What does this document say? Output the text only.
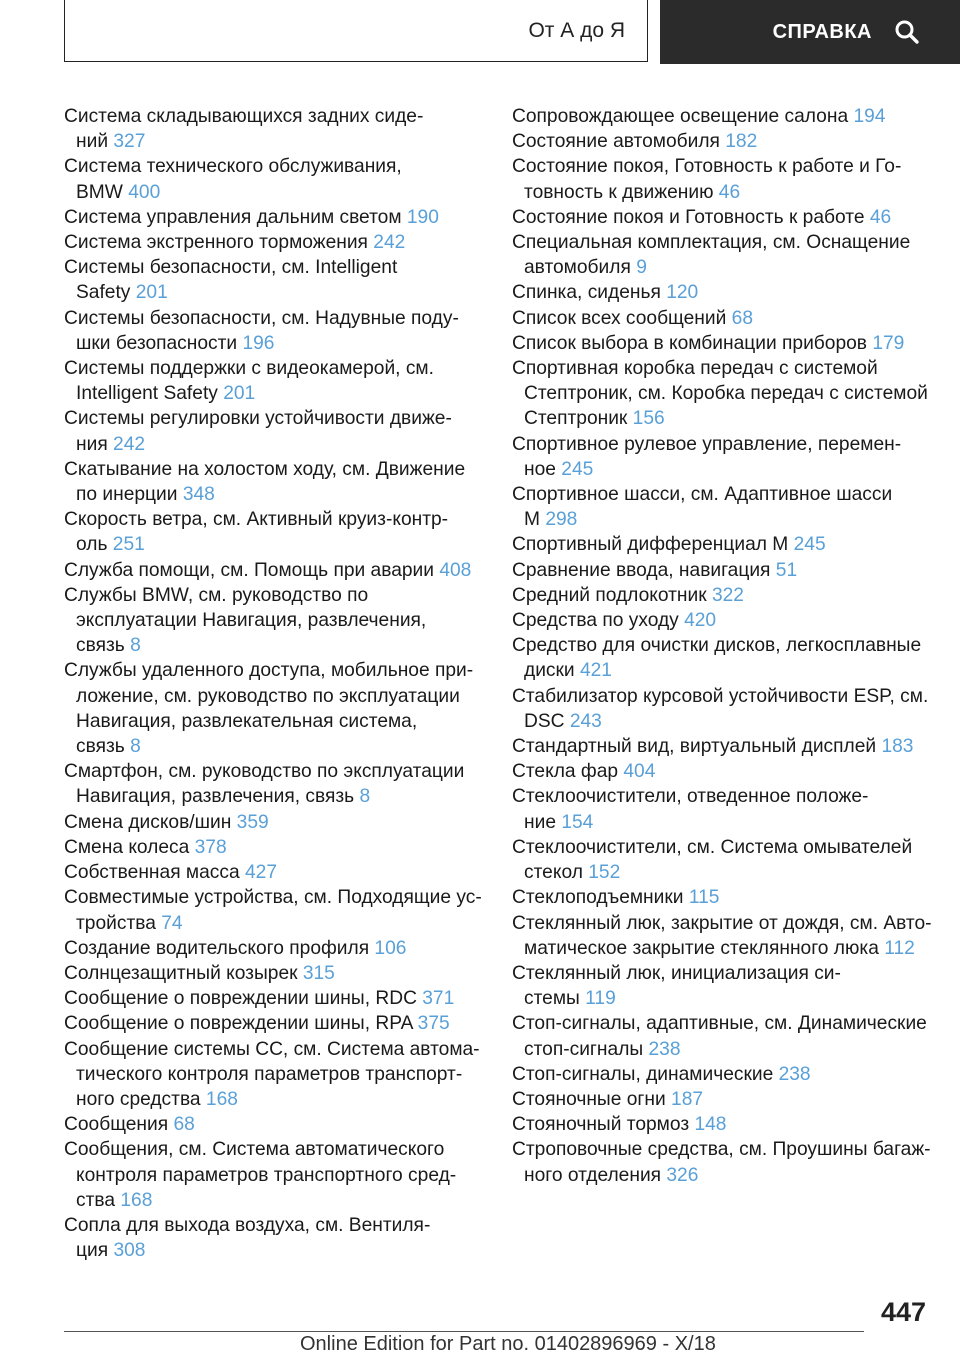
От А до Я	СПРАВКА
Система складывающихся задних сиде-
ний 327
Система технического обслуживания,
BMW 400
Система управления дальним светом 190
Система экстренного торможения 242
Системы безопасности, см. Intelligent
Safety 201
Системы безопасности, см. Надувные поду-
шки безопасности 196
Системы поддержки с видеокамерой, см.
Intelligent Safety 201
Системы регулировки устойчивости движе-
ния 242
Скатывание на холостом ходу, см. Движение
по инерции 348
Скорость ветра, см. Активный круиз-контр-
оль 251
Служба помощи, см. Помощь при аварии 408
Службы BMW, см. руководство по
эксплуатации Навигация, развлечения,
связь 8
Службы удаленного доступа, мобильное при-
ложение, см. руководство по эксплуатации
Навигация, развлекательная система,
связь 8
Смартфон, см. руководство по эксплуатации
Навигация, развлечения, связь 8
Смена дисков/шин 359
Смена колеса 378
Собственная масса 427
Совместимые устройства, см. Подходящие ус-
тройства 74
Создание водительского профиля 106
Солнцезащитный козырек 315
Сообщение о повреждении шины, RDC 371
Сообщение о повреждении шины, RPA 375
Сообщение системы CC, см. Система автома-
тического контроля параметров транспорт-
ного средства 168
Сообщения 68
Сообщения, см. Система автоматического
контроля параметров транспортного сред-
ства 168
Сопла для выхода воздуха, см. Вентиля-
ция 308
Сопровождающее освещение салона 194
Состояние автомобиля 182
Состояние покоя, Готовность к работе и Го-
товность к движению 46
Состояние покоя и Готовность к работе 46
Специальная комплектация, см. Оснащение
автомобиля 9
Спинка, сиденья 120
Список всех сообщений 68
Список выбора в комбинации приборов 179
Спортивная коробка передач с системой
Стептроник, см. Коробка передач с системой
Стептроник 156
Спортивное рулевое управление, перемен-
ное 245
Спортивное шасси, см. Адаптивное шасси
M 298
Спортивный дифференциал M 245
Сравнение ввода, навигация 51
Средний подлокотник 322
Средства по уходу 420
Средство для очистки дисков, легкосплавные
диски 421
Стабилизатор курсовой устойчивости ESP, см.
DSC 243
Стандартный вид, виртуальный дисплей 183
Стекла фар 404
Стеклоочистители, отведенное положе-
ние 154
Стеклоочистители, см. Система омывателей
стекол 152
Стеклоподъемники 115
Стеклянный люк, закрытие от дождя, см. Авто-
матическое закрытие стеклянного люка 112
Стеклянный люк, инициализация си-
стемы 119
Стоп-сигналы, адаптивные, см. Динамические
стоп-сигналы 238
Стоп-сигналы, динамические 238
Стояночные огни 187
Стояночный тормоз 148
Строповочные средства, см. Проушины багаж-
ного отделения 326
447
Online Edition for Part no. 01402896969 - X/18
